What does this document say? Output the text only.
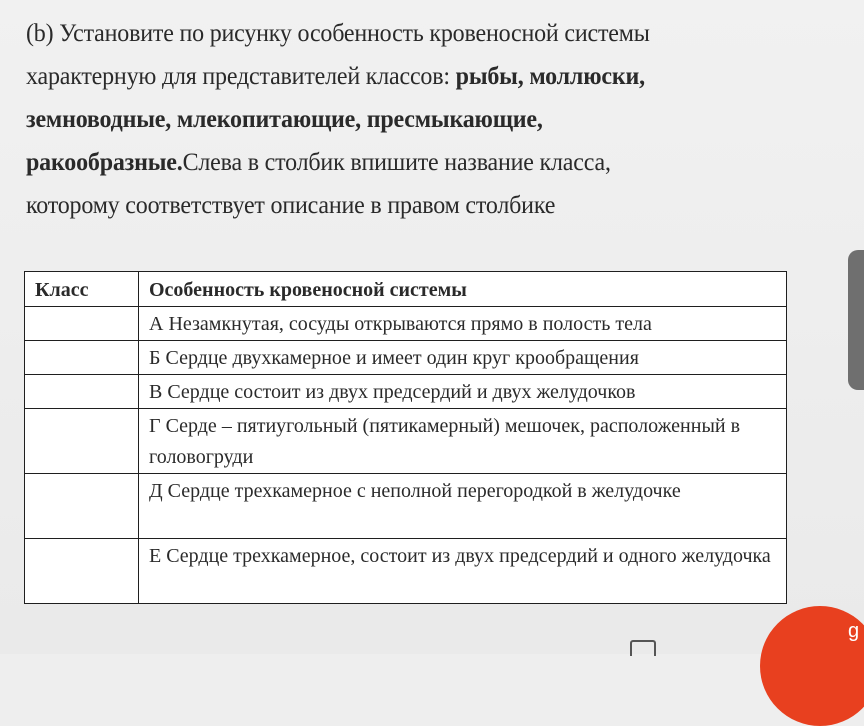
(b) Установите по рисунку особенность кровеносной системы
характерную для представителей классов: рыбы, моллюски,
земноводные, млекопитающие, пресмыкающие,
ракообразные.Слева в столбик впишите название класса,
которому соответствует описание в правом столбике
Класс	Особенность кровеносной системы
	А Незамкнутая, сосуды открываются прямо в полость тела
	Б Сердце двухкамерное и имеет один круг крообращения
	В Сердце состоит из двух предсердий и двух желудочков
	Г Серде – пятиугольный (пятикамерный) мешочек, расположенный в головогруди
	Д Сердце трехкамерное с неполной перегородкой в желудочке
	Е Сердце трехкамерное, состоит из двух предсердий и одного желудочка
g
